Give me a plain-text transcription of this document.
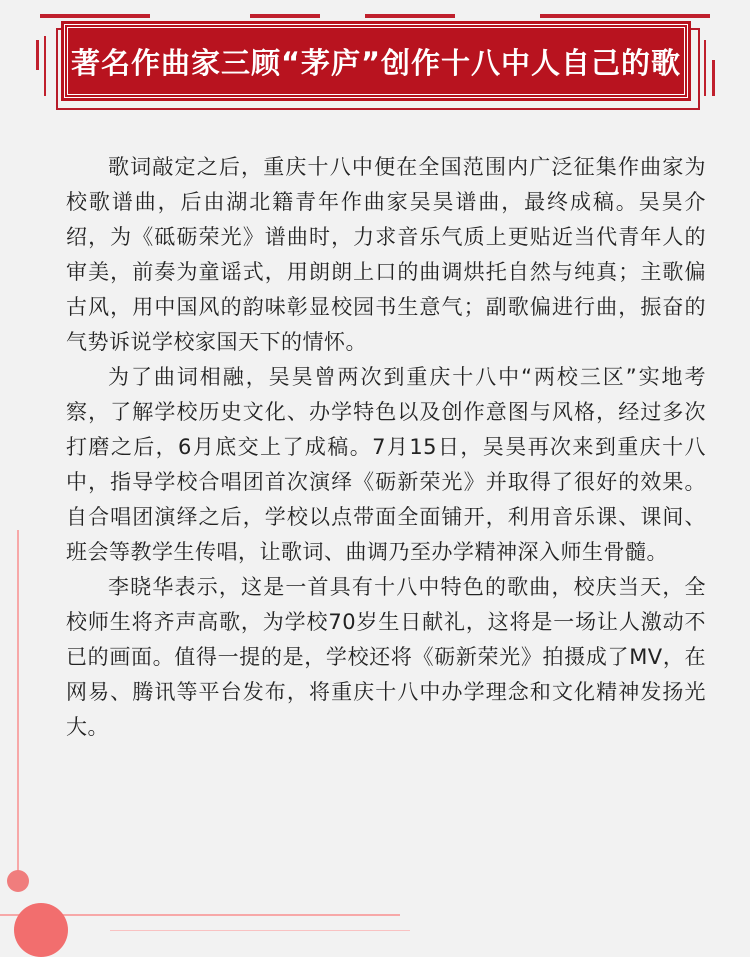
著名作曲家三顾“茅庐”创作十八中人自己的歌

歌词敲定之后，重庆十八中便在全国范围内广泛征集作曲家为校歌谱曲，后由湖北籍青年作曲家吴昊谱曲，最终成稿。吴昊介绍，为《砥砺荣光》谱曲时，力求音乐气质上更贴近当代青年人的审美，前奏为童谣式，用朗朗上口的曲调烘托自然与纯真；主歌偏古风，用中国风的韵味彰显校园书生意气；副歌偏进行曲，振奋的气势诉说学校家国天下的情怀。

为了曲词相融，吴昊曾两次到重庆十八中“两校三区”实地考察，了解学校历史文化、办学特色以及创作意图与风格，经过多次打磨之后，6月底交上了成稿。7月15日，吴昊再次来到重庆十八中，指导学校合唱团首次演绎《砺新荣光》并取得了很好的效果。自合唱团演绎之后，学校以点带面全面铺开，利用音乐课、课间、班会等教学生传唱，让歌词、曲调乃至办学精神深入师生骨髓。

李晓华表示，这是一首具有十八中特色的歌曲，校庆当天，全校师生将齐声高歌，为学校70岁生日献礼，这将是一场让人激动不已的画面。值得一提的是，学校还将《砺新荣光》拍摄成了MV，在网易、腾讯等平台发布，将重庆十八中办学理念和文化精神发扬光大。
